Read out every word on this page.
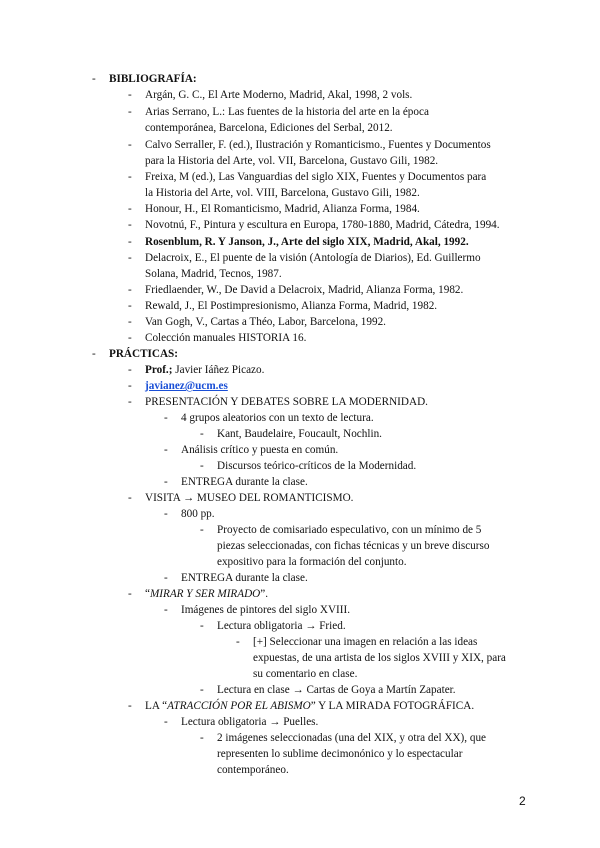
- BIBLIOGRAFÍA:
- Argán, G. C., El Arte Moderno, Madrid, Akal, 1998, 2 vols.
- Arias Serrano, L.: Las fuentes de la historia del arte en la época
contemporánea, Barcelona, Ediciones del Serbal, 2012.
- Calvo Serraller, F. (ed.), Ilustración y Romanticismo., Fuentes y Documentos
para la Historia del Arte, vol. VII, Barcelona, Gustavo Gili, 1982.
- Freixa, M (ed.), Las Vanguardias del siglo XIX, Fuentes y Documentos para
la Historia del Arte, vol. VIII, Barcelona, Gustavo Gili, 1982.
- Honour, H., El Romanticismo, Madrid, Alianza Forma, 1984.
- Novotnú, F., Pintura y escultura en Europa, 1780-1880, Madrid, Cátedra, 1994.
- Rosenblum, R. Y Janson, J., Arte del siglo XIX, Madrid, Akal, 1992.
- Delacroix, E., El puente de la visión (Antología de Diarios), Ed. Guillermo
Solana, Madrid, Tecnos, 1987.
- Friedlaender, W., De David a Delacroix, Madrid, Alianza Forma, 1982.
- Rewald, J., El Postimpresionismo, Alianza Forma, Madrid, 1982.
- Van Gogh, V., Cartas a Théo, Labor, Barcelona, 1992.
- Colección manuales HISTORIA 16.
- PRÁCTICAS:
- Prof.; Javier Iáñez Picazo.
- javianez@ucm.es
- PRESENTACIÓN Y DEBATES SOBRE LA MODERNIDAD.
- 4 grupos aleatorios con un texto de lectura.
- Kant, Baudelaire, Foucault, Nochlin.
- Análisis crítico y puesta en común.
- Discursos teórico-críticos de la Modernidad.
- ENTREGA durante la clase.
- VISITA → MUSEO DEL ROMANTICISMO.
- 800 pp.
- Proyecto de comisariado especulativo, con un mínimo de 5
piezas seleccionadas, con fichas técnicas y un breve discurso
expositivo para la formación del conjunto.
- ENTREGA durante la clase.
- “MIRAR Y SER MIRADO”.
- Imágenes de pintores del siglo XVIII.
- Lectura obligatoria → Fried.
- [+] Seleccionar una imagen en relación a las ideas
expuestas, de una artista de los siglos XVIII y XIX, para
su comentario en clase.
- Lectura en clase → Cartas de Goya a Martín Zapater.
- LA “ATRACCIÓN POR EL ABISMO” Y LA MIRADA FOTOGRÁFICA.
- Lectura obligatoria → Puelles.
- 2 imágenes seleccionadas (una del XIX, y otra del XX), que
representen lo sublime decimonónico y lo espectacular
contemporáneo.
2
